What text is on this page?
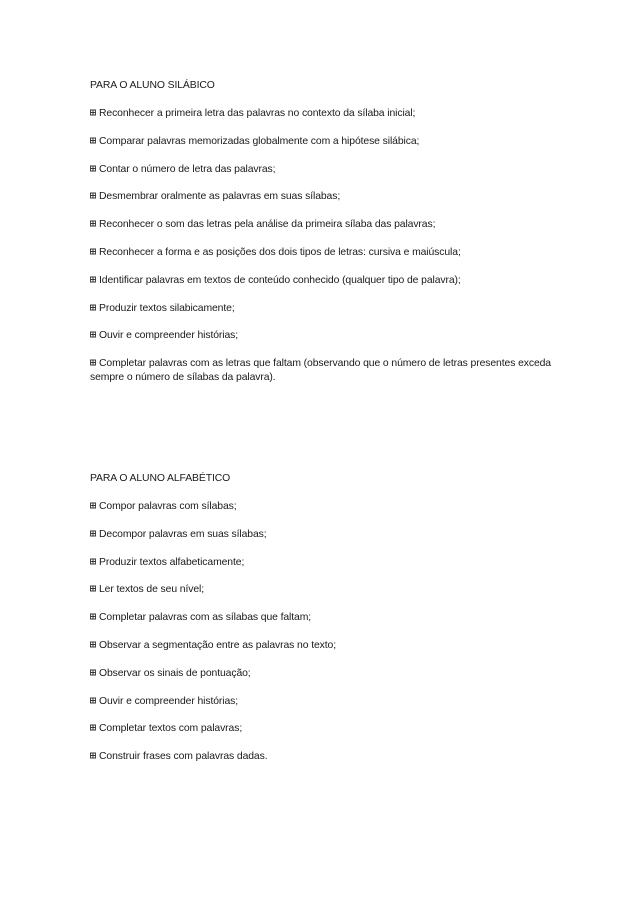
PARA O ALUNO SILÁBICO
Reconhecer a primeira letra das palavras no contexto da sílaba inicial;
Comparar palavras memorizadas globalmente com a hipótese silábica;
Contar o número de letra das palavras;
Desmembrar oralmente as palavras em suas sílabas;
Reconhecer o som das letras pela análise da primeira sílaba das palavras;
Reconhecer a forma e as posições dos dois tipos de letras: cursiva e maiúscula;
Identificar palavras em textos de conteúdo conhecido (qualquer tipo de palavra);
Produzir textos silabicamente;
Ouvir e compreender histórias;
Completar palavras com as letras que faltam (observando que o número de letras presentes exceda sempre o número de sílabas da palavra).
PARA O ALUNO ALFABÉTICO
Compor palavras com sílabas;
Decompor palavras em suas sílabas;
Produzir textos alfabeticamente;
Ler textos de seu nível;
Completar palavras com as sílabas que faltam;
Observar a segmentação entre as palavras no texto;
Observar os sinais de pontuação;
Ouvir e compreender histórias;
Completar textos com palavras;
Construir frases com palavras dadas.
